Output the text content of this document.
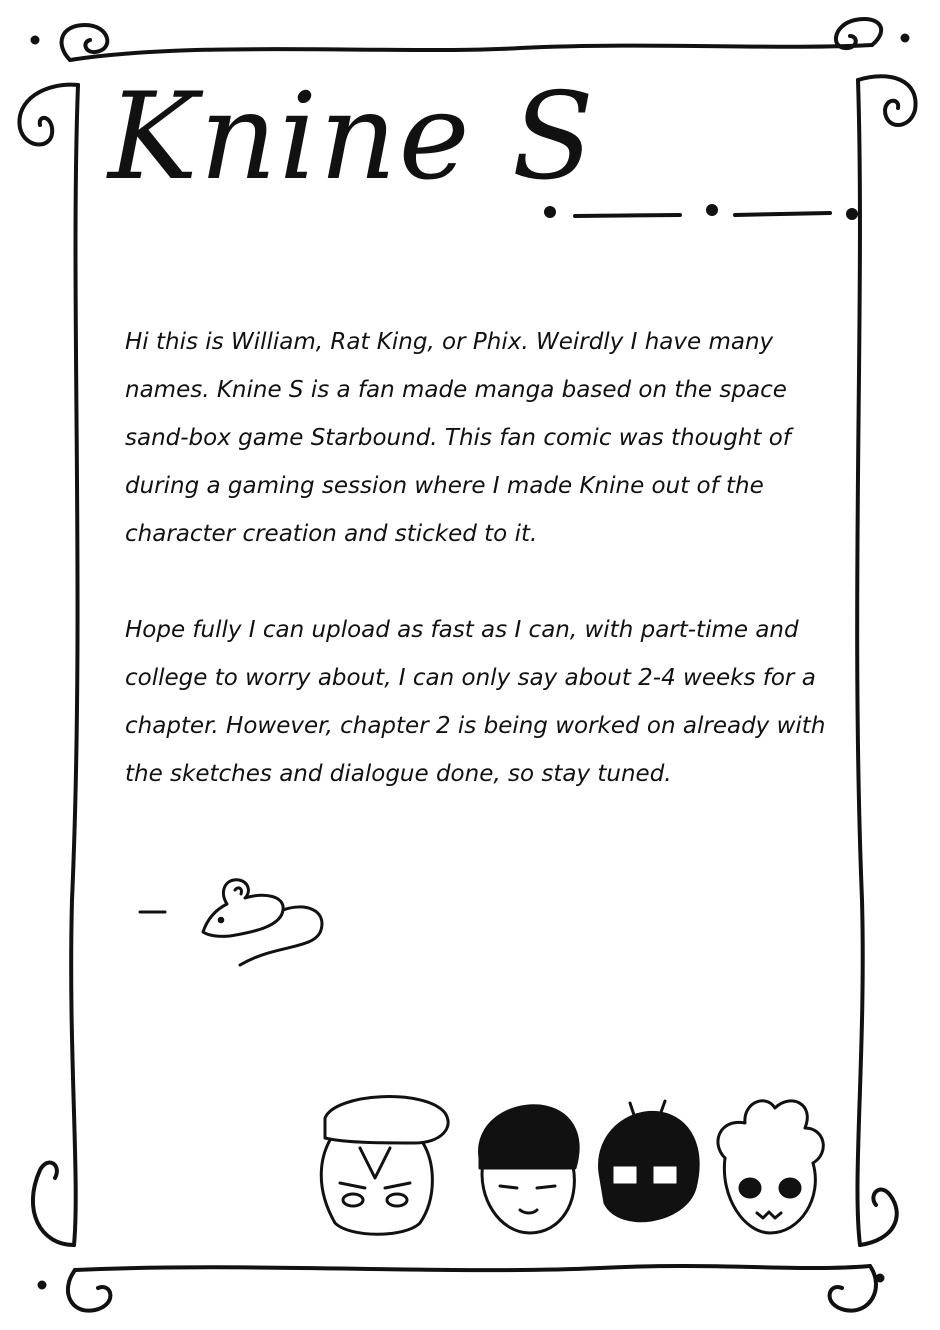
Knine S

Hi this is William, Rat King, or Phix. Weirdly I have many names. Knine S is a fan made manga based on the space sand-box game Starbound. This fan comic was thought of during a gaming session where I made Knine out of the character creation and sticked to it.

Hope fully I can upload as fast as I can, with part-time and college to worry about, I can only say about 2-4 weeks for a chapter. However, chapter 2 is being worked on already with the sketches and dialogue done, so stay tuned.
